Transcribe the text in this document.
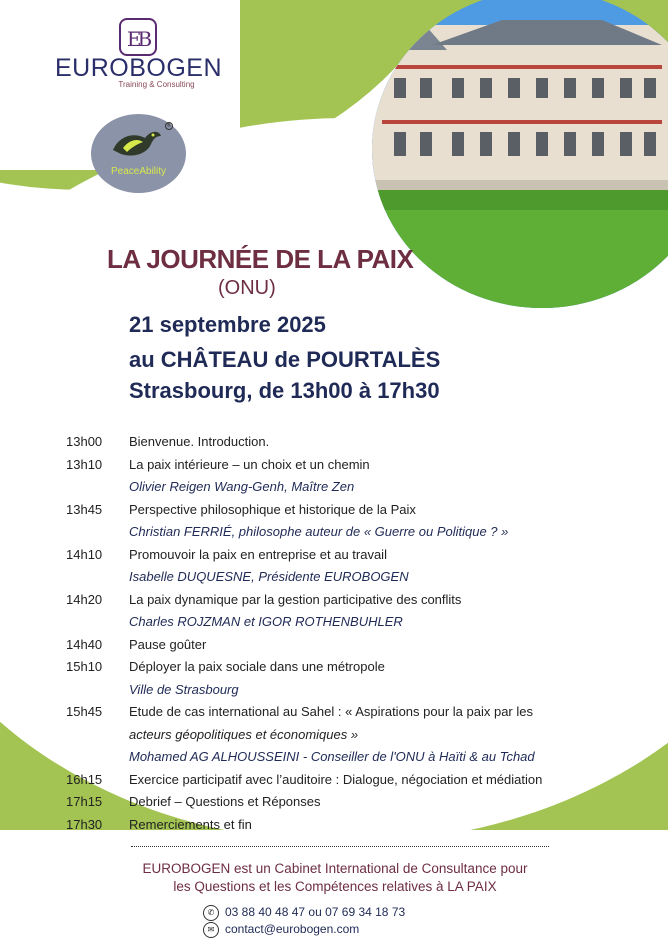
EB
EUROBOGEN
Training & Consulting
®
PeaceAbility
LA JOURNÉE DE LA PAIX
(ONU)
21 septembre 2025
au CHÂTEAU de POURTALÈS
Strasbourg, de 13h00 à 17h30
13h00	Bienvenue. Introduction.
13h10	La paix intérieure – un choix et un chemin
Olivier Reigen Wang-Genh, Maître Zen
13h45	Perspective philosophique et historique de la Paix
Christian FERRIÉ, philosophe auteur de « Guerre ou Politique ? »
14h10	Promouvoir la paix en entreprise et au travail
Isabelle DUQUESNE, Présidente EUROBOGEN
14h20	La paix dynamique par la gestion participative des conflits
Charles ROJZMAN et IGOR ROTHENBUHLER
14h40	Pause goûter
15h10	Déployer la paix sociale dans une métropole
Ville de Strasbourg
15h45	Etude de cas international au Sahel : « Aspirations pour la paix par les
acteurs géopolitiques et économiques »
Mohamed AG ALHOUSSEINI - Conseiller de l'ONU à Haïti & au Tchad
16h15	Exercice participatif avec l’auditoire : Dialogue, négociation et médiation
17h15	Debrief – Questions et Réponses
17h30	Remerciements et fin
EUROBOGEN est un Cabinet International de Consultance pour
les Questions et les Compétences relatives à LA PAIX
✆ 03 88 40 48 47 ou 07 69 34 18 73
✉ contact@eurobogen.com
